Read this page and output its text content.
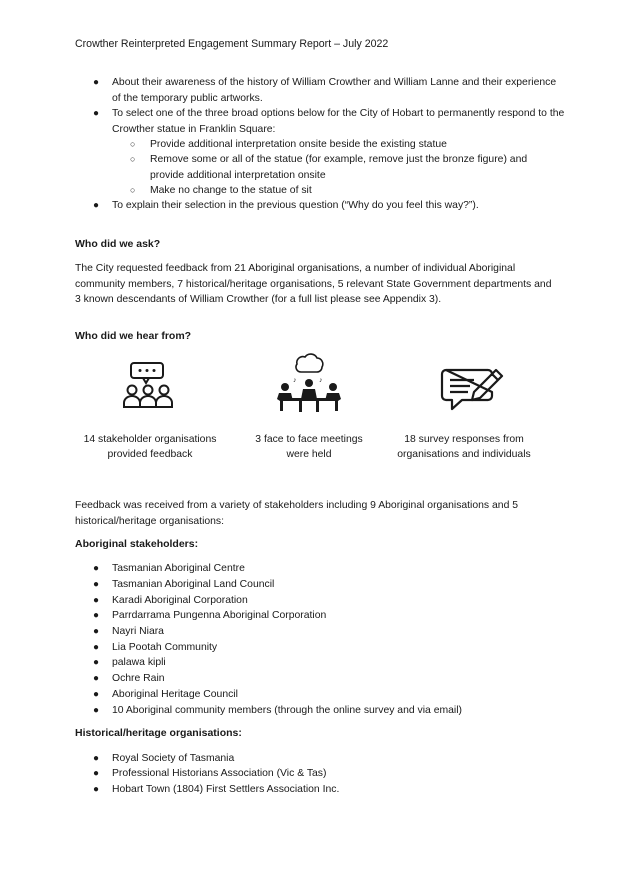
Crowther Reinterpreted Engagement Summary Report – July 2022
● About their awareness of the history of William Crowther and William Lanne and their experience of the temporary public artworks.
● To select one of the three broad options below for the City of Hobart to permanently respond to the Crowther statue in Franklin Square:
○ Provide additional interpretation onsite beside the existing statue
○ Remove some or all of the statue (for example, remove just the bronze figure) and provide additional interpretation onsite
○ Make no change to the statue of sit
● To explain their selection in the previous question (“Why do you feel this way?”).
Who did we ask?
The City requested feedback from 21 Aboriginal organisations, a number of individual Aboriginal community members, 7 historical/heritage organisations, 5 relevant State Government departments and 3 known descendants of William Crowther (for a full list please see Appendix 3).
Who did we hear from?
♪	♪
14 stakeholder organisations
provided feedback
3 face to face meetings
were held
18 survey responses from
organisations and individuals
Feedback was received from a variety of stakeholders including 9 Aboriginal organisations and 5 historical/heritage organisations:
Aboriginal stakeholders:
● Tasmanian Aboriginal Centre
● Tasmanian Aboriginal Land Council
● Karadi Aboriginal Corporation
● Parrdarrama Pungenna Aboriginal Corporation
● Nayri Niara
● Lia Pootah Community
● palawa kipli
● Ochre Rain
● Aboriginal Heritage Council
● 10 Aboriginal community members (through the online survey and via email)
Historical/heritage organisations:
● Royal Society of Tasmania
● Professional Historians Association (Vic & Tas)
● Hobart Town (1804) First Settlers Association Inc.
